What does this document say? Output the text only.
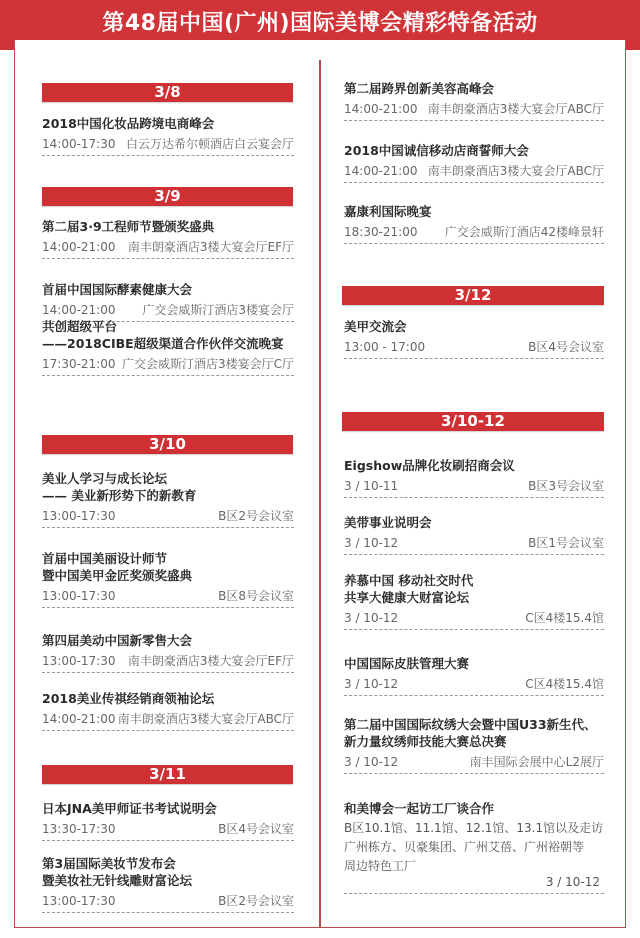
第48届中国(广州)国际美博会精彩特备活动
3/8
2018中国化妆品跨境电商峰会
14:00-17:30 白云万达希尔顿酒店白云宴会厅
3/9
第二届3·9工程师节暨颁奖盛典
14:00-21:00 南丰朗豪酒店3楼大宴会厅EF厅
首届中国国际酵素健康大会
14:00-21:00 广交会威斯汀酒店3楼宴会厅
共创超级平台
——2018CIBE超级渠道合作伙伴交流晚宴
17:30-21:00 广交会威斯汀酒店3楼宴会厅C厅
3/10
美业人学习与成长论坛
—— 美业新形势下的新教育
13:00-17:30	B区2号会议室
首届中国美丽设计师节
暨中国美甲金匠奖颁奖盛典
13:00-17:30	B区8号会议室
第四届美动中国新零售大会
13:00-17:30 南丰朗豪酒店3楼大宴会厅EF厅
2018美业传祺经销商领袖论坛
14:00-21:00 南丰朗豪酒店3楼大宴会厅ABC厅
3/11
日本JNA美甲师证书考试说明会
13:30-17:30	B区4号会议室
第3届国际美妆节发布会
暨美妆社无针线雕财富论坛
13:00-17:30	B区2号会议室
第二届跨界创新美容高峰会
14:00-21:00 南丰朗豪酒店3楼大宴会厅ABC厅
2018中国诚信移动店商誓师大会
14:00-21:00 南丰朗豪酒店3楼大宴会厅ABC厅
嘉康利国际晚宴
18:30-21:00 广交会威斯汀酒店42楼峰景轩
3/12
美甲交流会
13:00 - 17:00	B区4号会议室
3/10-12
Eigshow品牌化妆刷招商会议
3 / 10-11	B区3号会议室
美带事业说明会
3 / 10-12	B区1号会议室
养慕中国 移动社交时代
共享大健康大财富论坛
3 / 10-12	C区4楼15.4馆
中国国际皮肤管理大赛
3 / 10-12	C区4楼15.4馆
第二届中国国际纹绣大会暨中国U33新生代、
新力量纹绣师技能大赛总决赛
3 / 10-12	南丰国际会展中心L2展厅
和美博会一起访工厂谈合作
B区10.1馆、11.1馆、12.1馆、13.1馆以及走访
广州栋方、贝豪集团、广州艾蓓、广州裕朝等
周边特色工厂
3 / 10-12
